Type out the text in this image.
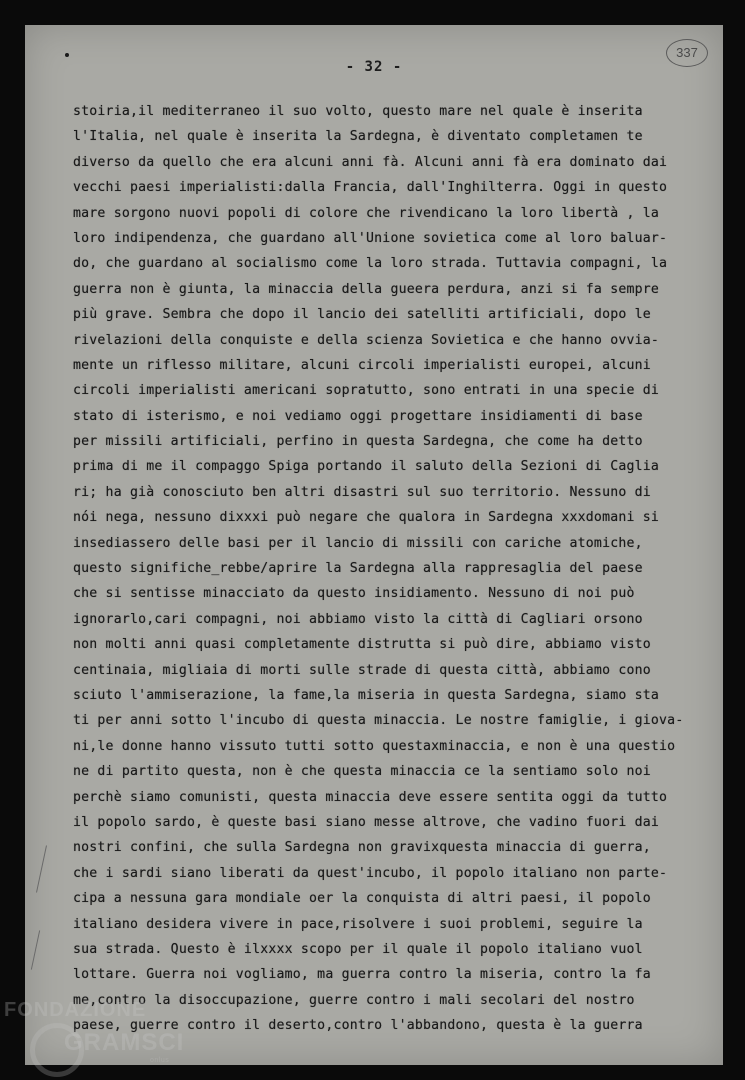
337
- 32 -
stoiria,il mediterraneo il suo volto, questo mare nel quale è inserita
l'Italia, nel quale è inserita la Sardegna, è diventato completamen te
diverso da quello che era alcuni anni fà. Alcuni anni fà era dominato dai
vecchi paesi imperialisti:dalla Francia, dall'Inghilterra. Oggi in questo
mare sorgono nuovi popoli di colore che rivendicano la loro libertà , la
loro indipendenza, che guardano all'Unione sovietica come al loro baluar-
do, che guardano al socialismo come la loro strada. Tuttavia compagni, la
guerra non è giunta, la minaccia della gueera perdura, anzi si fa sempre
più grave. Sembra che dopo il lancio dei satelliti artificiali, dopo le
rivelazioni della conquiste e della scienza Sovietica e che hanno ovvia-
mente un riflesso militare, alcuni circoli imperialisti europei, alcuni
circoli imperialisti americani sopratutto, sono entrati in una specie di
stato di isterismo, e noi vediamo oggi progettare insidiamenti di base
per missili artificiali, perfino in questa Sardegna, che come ha detto
prima di me il compaggo Spiga portando il saluto della Sezioni di Caglia
ri; ha già conosciuto ben altri disastri sul suo territorio. Nessuno di
nói nega, nessuno dixxxi può negare che qualora in Sardegna xxxdomani si
insediassero delle basi per il lancio di missili con cariche atomiche,
questo significhe_rebbe/aprire la Sardegna alla rappresaglia del paese
che si sentisse minacciato da questo insidiamento. Nessuno di noi può
ignorarlo,cari compagni, noi abbiamo visto la città di Cagliari orsono
non molti anni quasi completamente distrutta si può dire, abbiamo visto
centinaia, migliaia di morti sulle strade di questa città, abbiamo cono
sciuto l'ammiserazione, la fame,la miseria in questa Sardegna, siamo sta
ti per anni sotto l'incubo di questa minaccia. Le nostre famiglie, i giova-
ni,le donne hanno vissuto tutti sotto questaxminaccia, e non è una questio
ne di partito questa, non è che questa minaccia ce la sentiamo solo noi
perchè siamo comunisti, questa minaccia deve essere sentita oggi da tutto
il popolo sardo, è queste basi siano messe altrove, che vadino fuori dai
nostri confini, che sulla Sardegna non gravixquesta minaccia di guerra,
che i sardi siano liberati da quest'incubo, il popolo italiano non parte-
cipa a nessuna gara mondiale oer la conquista di altri paesi, il popolo
italiano desidera vivere in pace,risolvere i suoi problemi, seguire la
sua strada. Questo è ilxxxx scopo per il quale il popolo italiano vuol
lottare. Guerra noi vogliamo, ma guerra contro la miseria, contro la fa
me,contro la disoccupazione, guerre contro i mali secolari del nostro
paese, guerre contro il deserto,contro l'abbandono, questa è la guerra
FONDAZIONE
GRAMSCI
onlus
